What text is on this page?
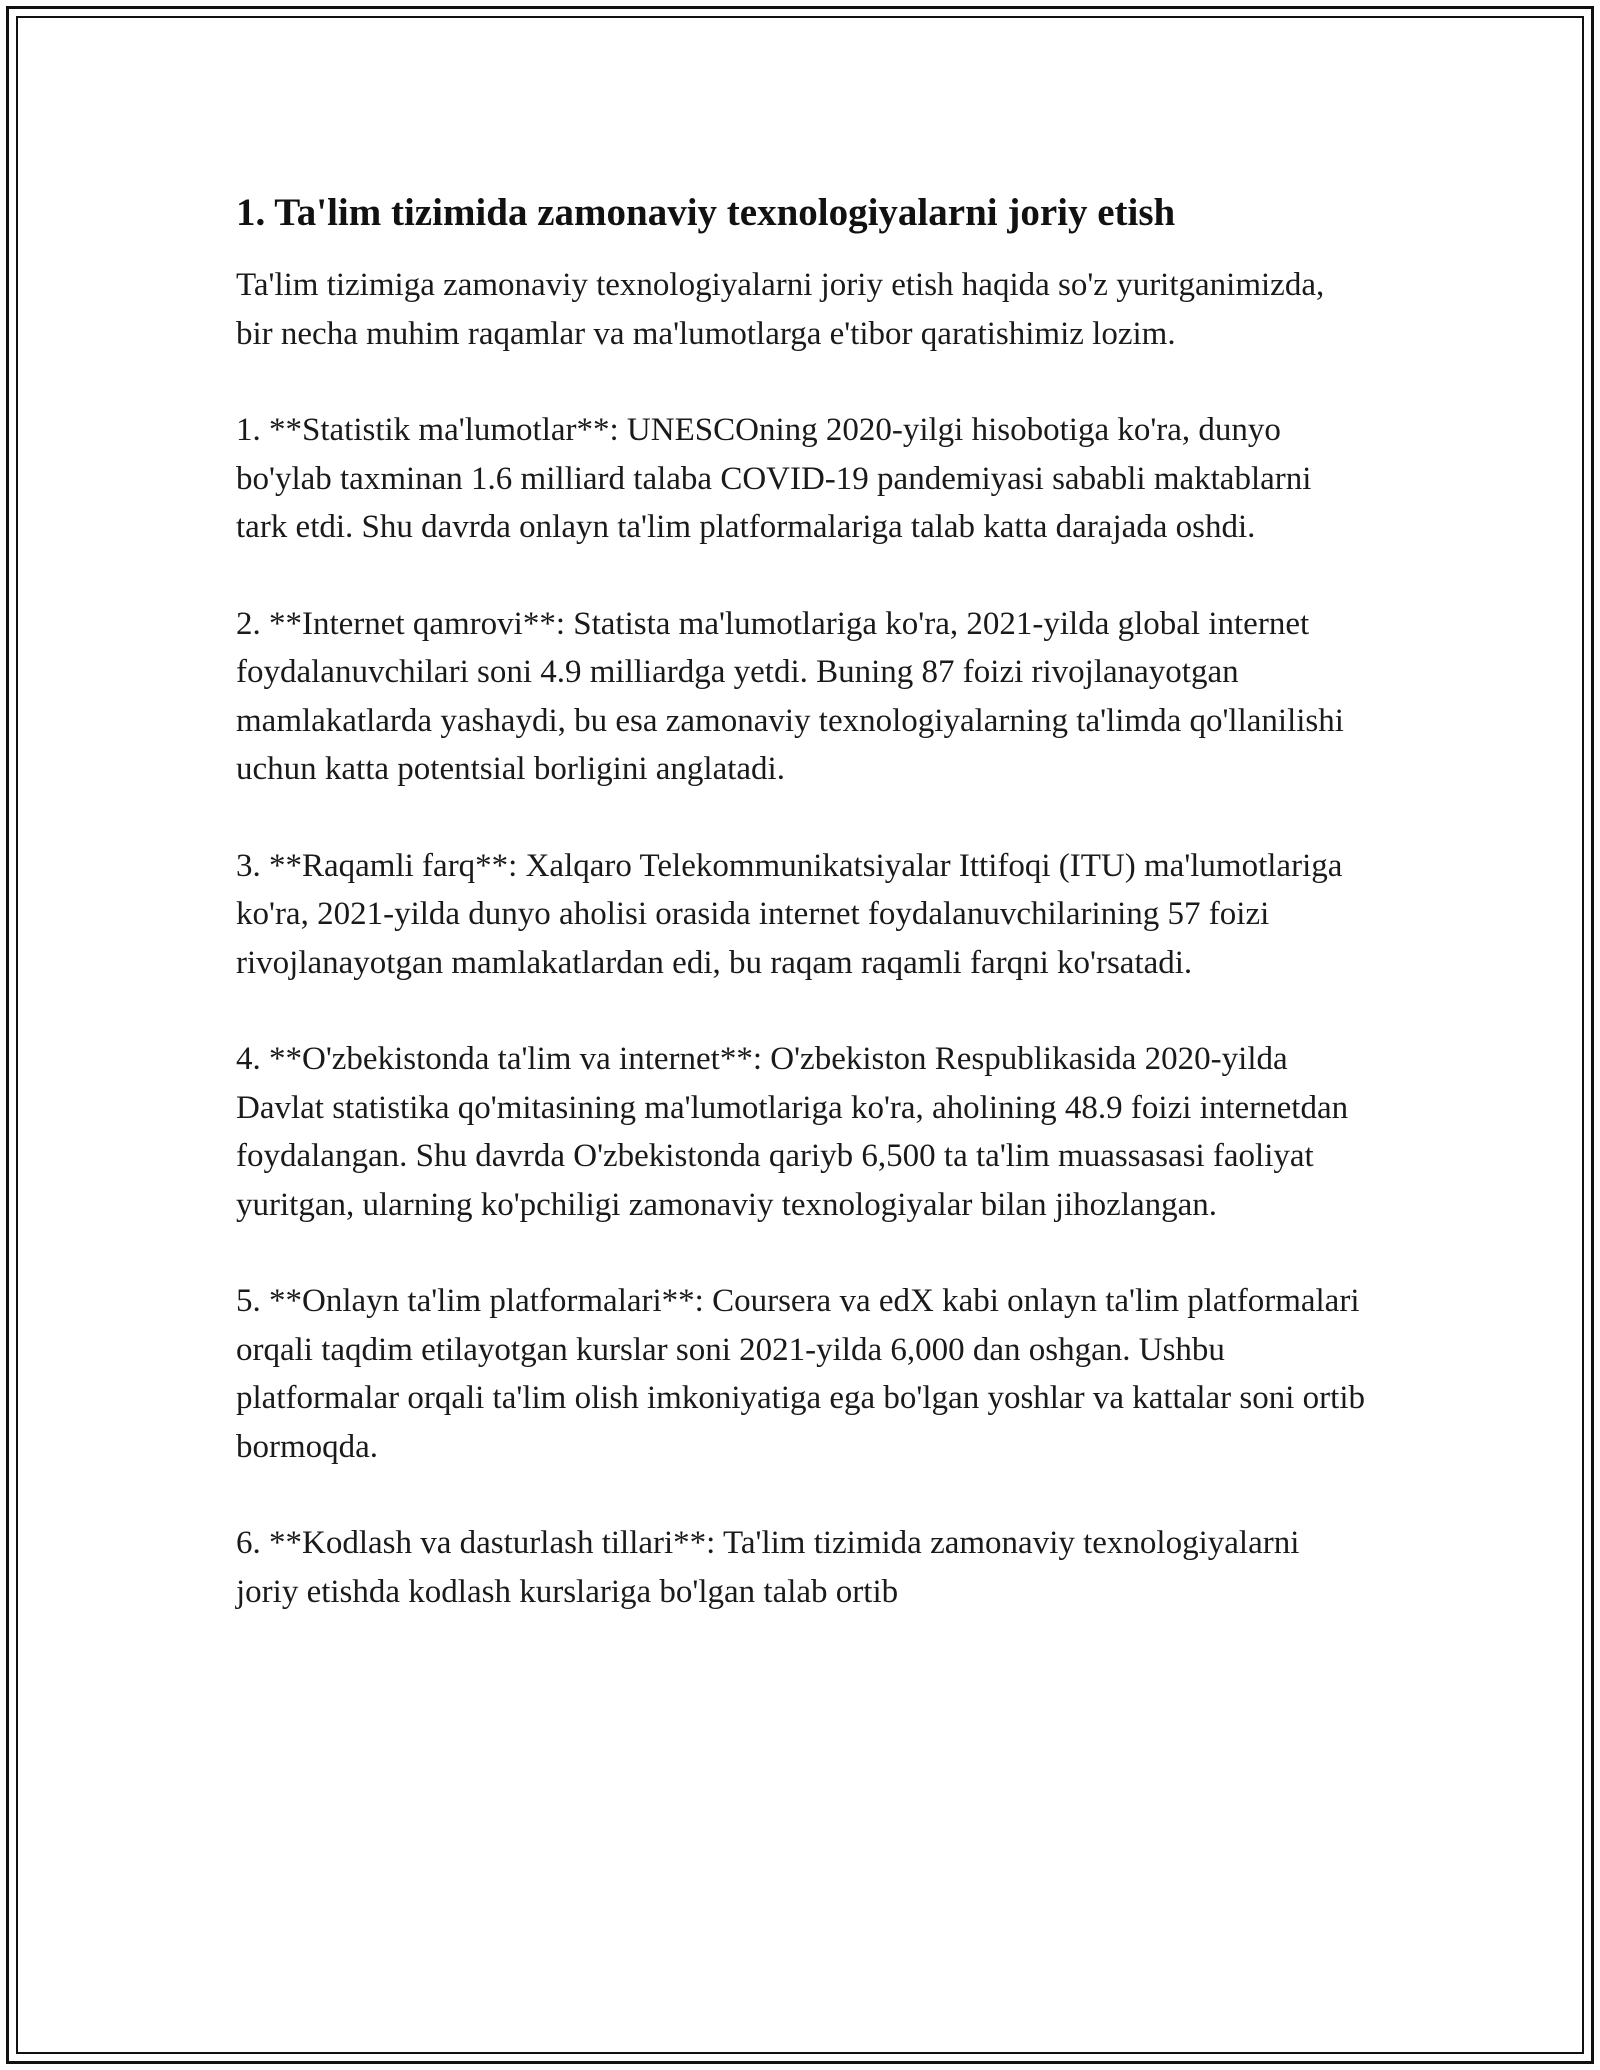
1. Ta'lim tizimida zamonaviy texnologiyalarni joriy etish

Ta'lim tizimiga zamonaviy texnologiyalarni joriy etish haqida so'z yuritganimizda, bir necha muhim raqamlar va ma'lumotlarga e'tibor qaratishimiz lozim.

1. **Statistik ma'lumotlar**: UNESCOning 2020-yilgi hisobotiga ko'ra, dunyo bo'ylab taxminan 1.6 milliard talaba COVID-19 pandemiyasi sababli maktablarni tark etdi. Shu davrda onlayn ta'lim platformalariga talab katta darajada oshdi.

2. **Internet qamrovi**: Statista ma'lumotlariga ko'ra, 2021-yilda global internet foydalanuvchilari soni 4.9 milliardga yetdi. Buning 87 foizi rivojlanayotgan mamlakatlarda yashaydi, bu esa zamonaviy texnologiyalarning ta'limda qo'llanilishi uchun katta potentsial borligini anglatadi.

3. **Raqamli farq**: Xalqaro Telekommunikatsiyalar Ittifoqi (ITU) ma'lumotlariga ko'ra, 2021-yilda dunyo aholisi orasida internet foydalanuvchilarining 57 foizi rivojlanayotgan mamlakatlardan edi, bu raqam raqamli farqni ko'rsatadi.

4. **O'zbekistonda ta'lim va internet**: O'zbekiston Respublikasida 2020-yilda Davlat statistika qo'mitasining ma'lumotlariga ko'ra, aholining 48.9 foizi internetdan foydalangan. Shu davrda O'zbekistonda qariyb 6,500 ta ta'lim muassasasi faoliyat yuritgan, ularning ko'pchiligi zamonaviy texnologiyalar bilan jihozlangan.

5. **Onlayn ta'lim platformalari**: Coursera va edX kabi onlayn ta'lim platformalari orqali taqdim etilayotgan kurslar soni 2021-yilda 6,000 dan oshgan. Ushbu platformalar orqali ta'lim olish imkoniyatiga ega bo'lgan yoshlar va kattalar soni ortib bormoqda.

6. **Kodlash va dasturlash tillari**: Ta'lim tizimida zamonaviy texnologiyalarni joriy etishda kodlash kurslariga bo'lgan talab ortib
